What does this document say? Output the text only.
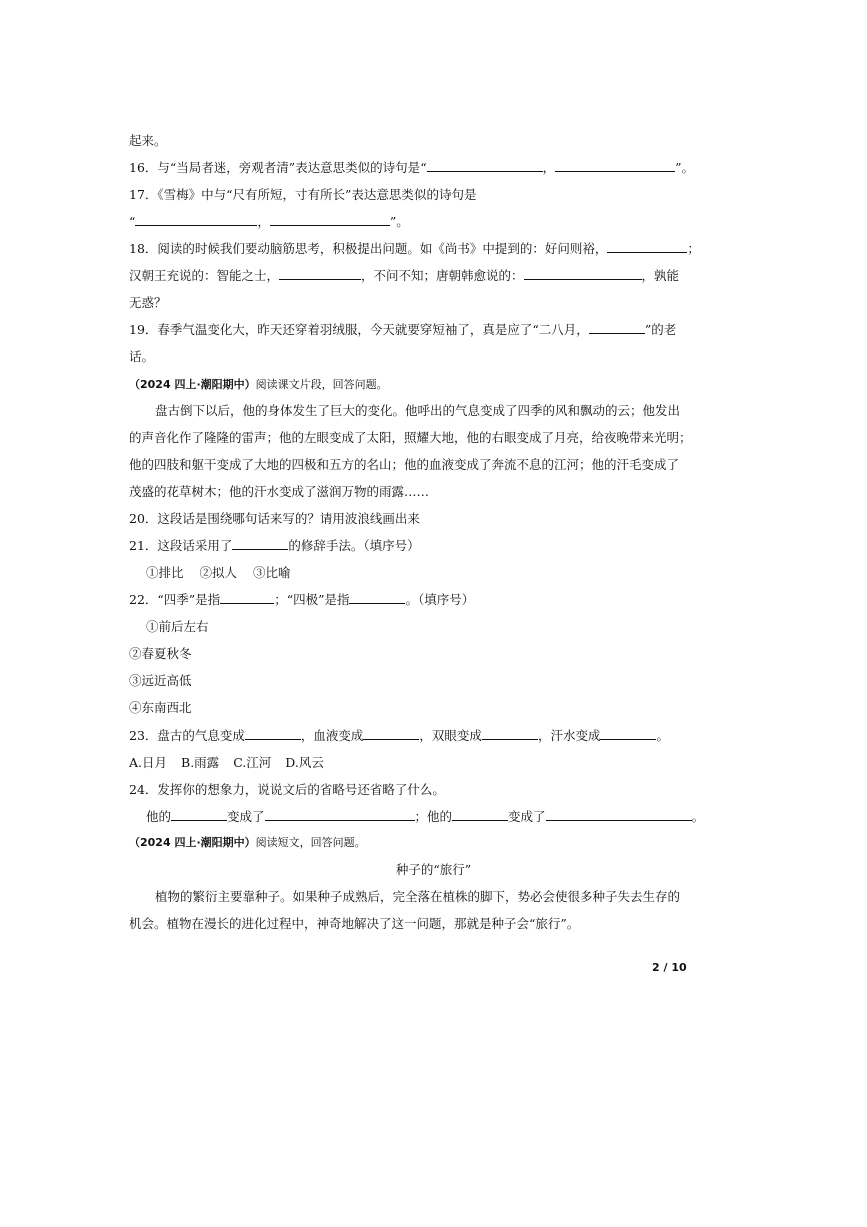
起来。
16．与“当局者迷，旁观者清”表达意思类似的诗句是“	，	”。
17．《雪梅》中与“尺有所短，寸有所长”表达意思类似的诗句是
“	，	”。
18．阅读的时候我们要动脑筋思考，积极提出问题。如《尚书》中提到的：好问则裕，	；
汉朝王充说的：智能之士，	，不问不知；唐朝韩愈说的：	，孰能
无惑？
19．春季气温变化大，昨天还穿着羽绒服，今天就要穿短袖了，真是应了“二八月，	”的老
话。
（2024 四上·潮阳期中）阅读课文片段，回答问题。
盘古倒下以后，他的身体发生了巨大的变化。他呼出的气息变成了四季的风和飘动的云；他发出
的声音化作了隆隆的雷声；他的左眼变成了太阳，照耀大地，他的右眼变成了月亮，给夜晚带来光明；
他的四肢和躯干变成了大地的四极和五方的名山；他的血液变成了奔流不息的江河；他的汗毛变成了
茂盛的花草树木；他的汗水变成了滋润万物的雨露……
20．这段话是围绕哪句话来写的？请用波浪线画出来
21．这段话采用了	的修辞手法。（填序号）
①排比 ②拟人 ③比喻
22．“四季”是指	；“四极”是指	。（填序号）
①前后左右
②春夏秋冬
③远近高低
④东南西北
23．盘古的气息变成	，血液变成	，双眼变成	，汗水变成	。
A.日月 B.雨露 C.江河 D.风云
24．发挥你的想象力，说说文后的省略号还省略了什么。
他的	变成了	；他的	变成了	。
（2024 四上·潮阳期中）阅读短文，回答问题。
种子的“旅行”
植物的繁衍主要靠种子。如果种子成熟后，完全落在植株的脚下，势必会使很多种子失去生存的
机会。植物在漫长的进化过程中，神奇地解决了这一问题，那就是种子会“旅行”。
2 / 10
